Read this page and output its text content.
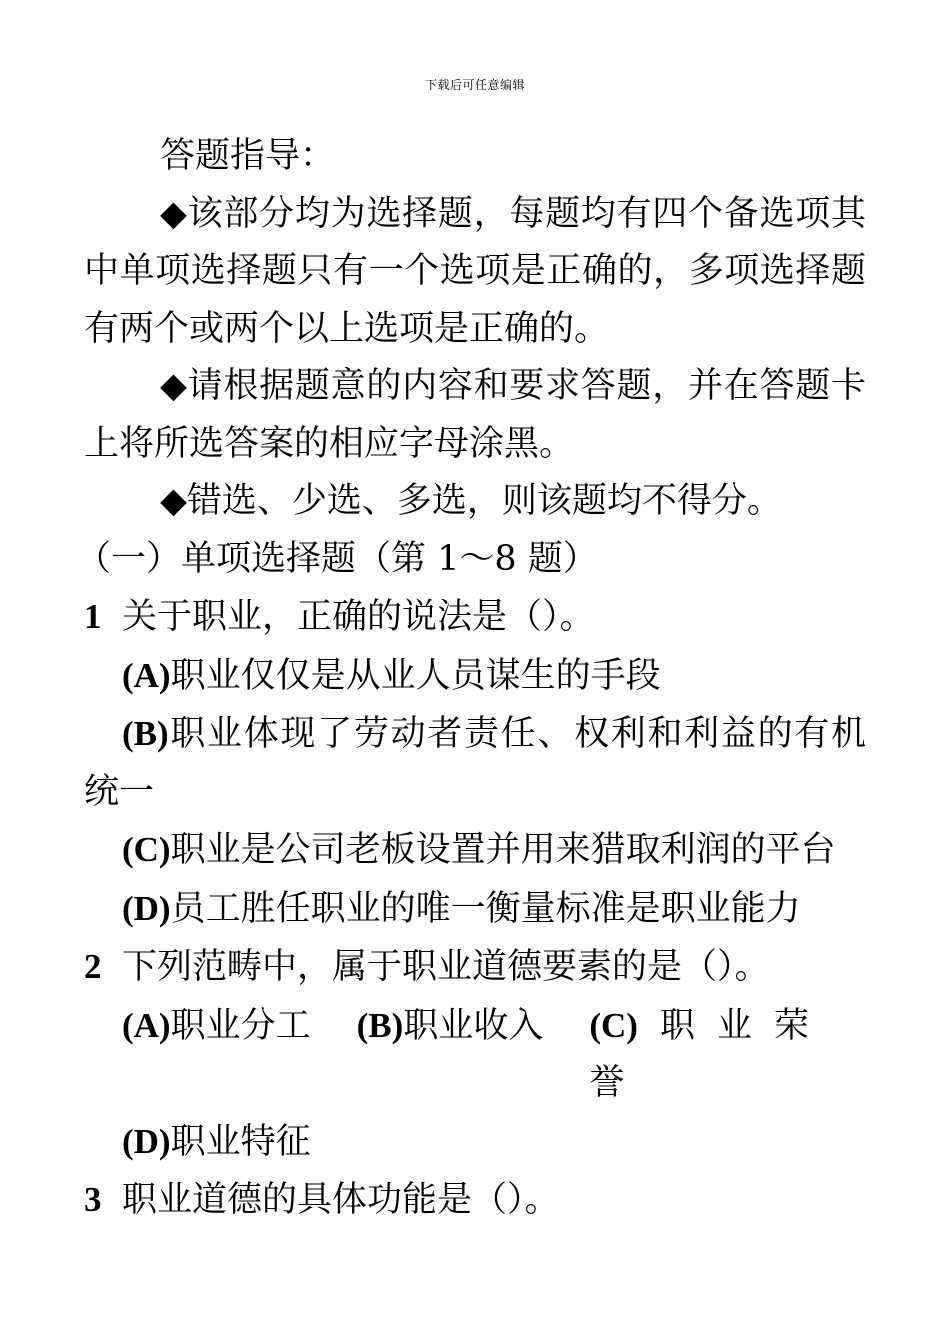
下载后可任意编辑

答题指导：

◆该部分均为选择题，每题均有四个备选项其中单项选择题只有一个选项是正确的，多项选择题有两个或两个以上选项是正确的。

◆请根据题意的内容和要求答题，并在答题卡上将所选答案的相应字母涂黑。

◆错选、少选、多选，则该题均不得分。

（一）单项选择题（第 1～8 题）

1 关于职业，正确的说法是（）。

(A)职业仅仅是从业人员谋生的手段

(B)职业体现了劳动者责任、权利和利益的有机统一

(C)职业是公司老板设置并用来猎取利润的平台

(D)员工胜任职业的唯一衡量标准是职业能力

2 下列范畴中，属于职业道德要素的是（）。

(A)职业分工 (B)职业收入 (C) 职业荣誉

(D)职业特征

3 职业道德的具体功能是（）。
